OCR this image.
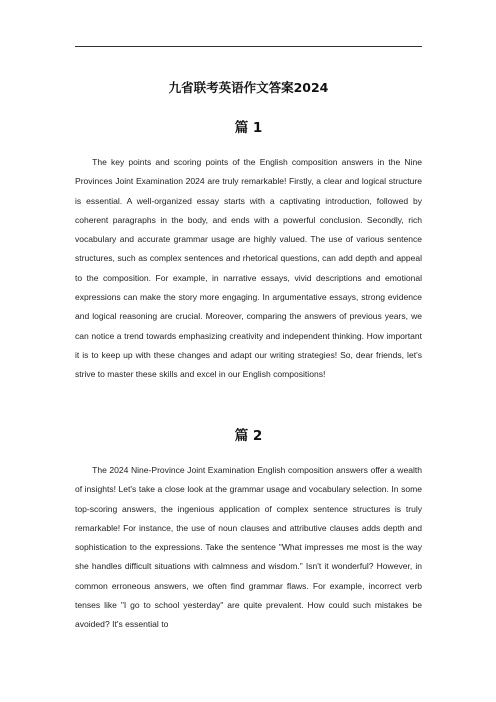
九省联考英语作文答案2024
篇 1

The key points and scoring points of the English composition answers in the Nine Provinces Joint Examination 2024 are truly remarkable! Firstly, a clear and logical structure is essential. A well-organized essay starts with a captivating introduction, followed by coherent paragraphs in the body, and ends with a powerful conclusion. Secondly, rich vocabulary and accurate grammar usage are highly valued. The use of various sentence structures, such as complex sentences and rhetorical questions, can add depth and appeal to the composition. For example, in narrative essays, vivid descriptions and emotional expressions can make the story more engaging. In argumentative essays, strong evidence and logical reasoning are crucial. Moreover, comparing the answers of previous years, we can notice a trend towards emphasizing creativity and independent thinking. How important it is to keep up with these changes and adapt our writing strategies! So, dear friends, let's strive to master these skills and excel in our English compositions!

篇 2

The 2024 Nine-Province Joint Examination English composition answers offer a wealth of insights! Let's take a close look at the grammar usage and vocabulary selection. In some top-scoring answers, the ingenious application of complex sentence structures is truly remarkable! For instance, the use of noun clauses and attributive clauses adds depth and sophistication to the expressions. Take the sentence "What impresses me most is the way she handles difficult situations with calmness and wisdom." Isn't it wonderful? However, in common erroneous answers, we often find grammar flaws. For example, incorrect verb tenses like "I go to school yesterday" are quite prevalent. How could such mistakes be avoided? It's essential to
